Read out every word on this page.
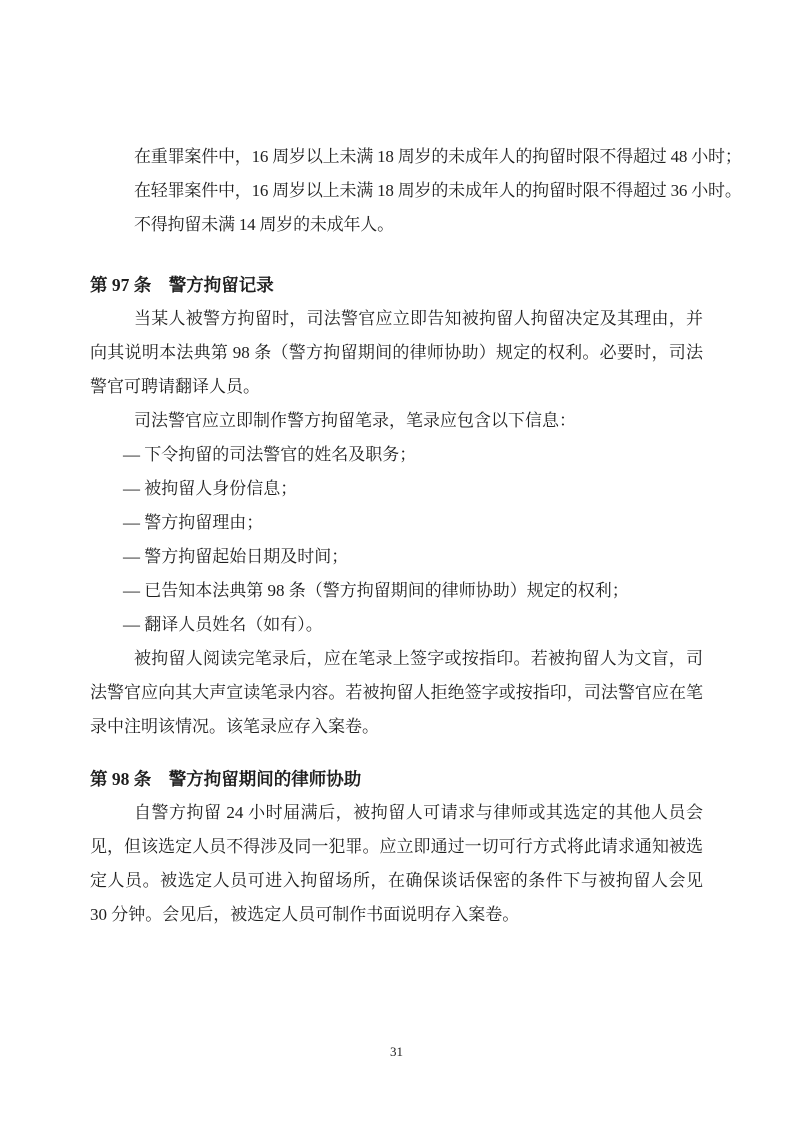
在重罪案件中，16 周岁以上未满 18 周岁的未成年人的拘留时限不得超过 48 小时；

在轻罪案件中，16 周岁以上未满 18 周岁的未成年人的拘留时限不得超过 36 小时。

不得拘留未满 14 周岁的未成年人。

第 97 条　警方拘留记录

当某人被警方拘留时，司法警官应立即告知被拘留人拘留决定及其理由，并向其说明本法典第 98 条（警方拘留期间的律师协助）规定的权利。必要时，司法警官可聘请翻译人员。

司法警官应立即制作警方拘留笔录，笔录应包含以下信息：

— 下令拘留的司法警官的姓名及职务；

— 被拘留人身份信息；

— 警方拘留理由；

— 警方拘留起始日期及时间；

— 已告知本法典第 98 条（警方拘留期间的律师协助）规定的权利；

— 翻译人员姓名（如有）。

被拘留人阅读完笔录后，应在笔录上签字或按指印。若被拘留人为文盲，司法警官应向其大声宣读笔录内容。若被拘留人拒绝签字或按指印，司法警官应在笔录中注明该情况。该笔录应存入案卷。

第 98 条　警方拘留期间的律师协助

自警方拘留 24 小时届满后，被拘留人可请求与律师或其选定的其他人员会见，但该选定人员不得涉及同一犯罪。应立即通过一切可行方式将此请求通知被选定人员。被选定人员可进入拘留场所，在确保谈话保密的条件下与被拘留人会见 30 分钟。会见后，被选定人员可制作书面说明存入案卷。

31
